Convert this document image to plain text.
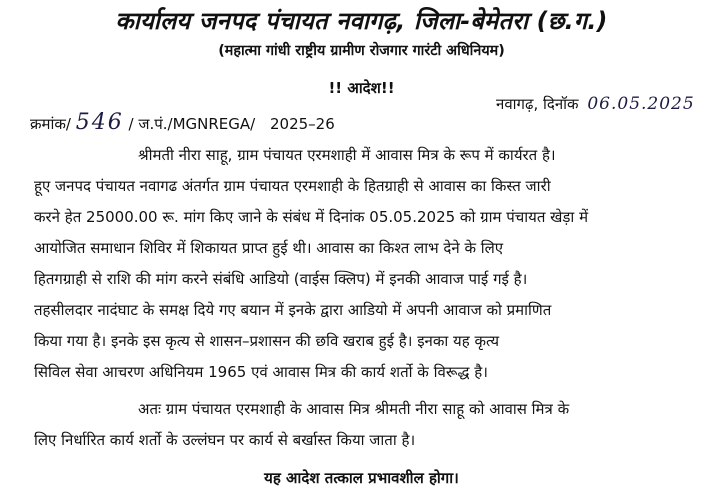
कार्यालय जनपद पंचायत नवागढ़, जिला-बेमेतरा (छ.ग.)
(महात्मा गांधी राष्ट्रीय ग्रामीण रोजगार गारंटी अधिनियम)
!! आदेश!!
क्रमांक/ 546 / ज.पं./MGNREGA/ 2025–26
नवागढ़, दिनॉक 06.05.2025
श्रीमती नीरा साहू, ग्राम पंचायत एरमशाही में आवास मित्र के रूप में कार्यरत है।
हूए जनपद पंचायत नवागढ अंतर्गत ग्राम पंचायत एरमशाही के हितग्राही से आवास का किस्त जारी
करने हेत 25000.00 रू. मांग किए जाने के संबंध में दिनांक 05.05.2025 को ग्राम पंचायत खेड़ा में
आयोजित समाधान शिविर में शिकायत प्राप्त हुई थी। आवास का किश्त लाभ देने के लिए
हितगग्राही से राशि की मांग करने संबंधि आडियो (वाईस क्लिप) में इनकी आवाज पाई गई है।
तहसीलदार नादंघाट के समक्ष दिये गए बयान में इनके द्वारा आडियो में अपनी आवाज को प्रमाणित
किया गया है। इनके इस कृत्य से शासन–प्रशासन की छवि खराब हुई है। इनका यह कृत्य
सिविल सेवा आचरण अधिनियम 1965 एवं आवास मित्र की कार्य शर्तो के विरूद्ध है।
अतः ग्राम पंचायत एरमशाही के आवास मित्र श्रीमती नीरा साहू को आवास मित्र के
लिए निर्धारित कार्य शर्तो के उल्लंघन पर कार्य से बर्खास्त किया जाता है।
यह आदेश तत्काल प्रभावशील होगा।
